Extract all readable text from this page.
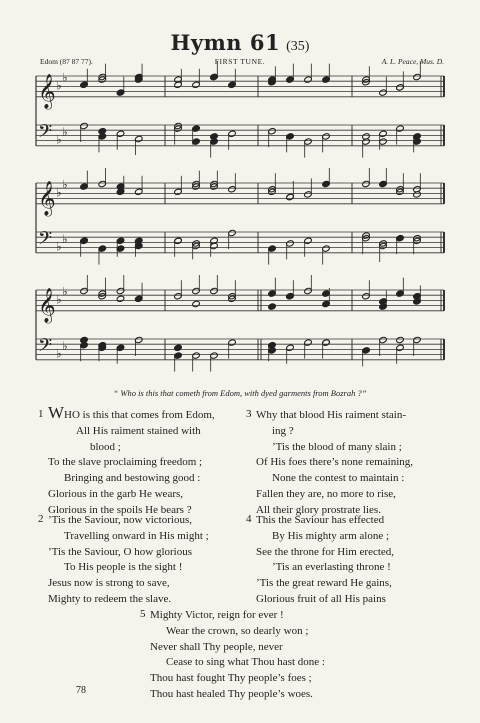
Hymn 61 (35)
Edom (87 87 77).	FIRST TUNE.	A. L. Peace, Mus. D.
𝄞 ♭
♭
𝄢 ♭
♭
𝄞 ♭
♭
𝄢 ♭
♭
𝄞 ♭
♭
𝄢 ♭
♭
“ Who is this that cometh from Edom, with dyed garments from Bozrah ?”
1 WHO is this that comes from Edom,
All His raiment stained with
blood ;
To the slave proclaiming freedom ;
Bringing and bestowing good :
Glorious in the garb He wears,
Glorious in the spoils He bears ?
3 Why that blood His raiment stain-
ing ?
’Tis the blood of many slain ;
Of His foes there’s none remaining,
None the contest to maintain :
Fallen they are, no more to rise,
All their glory prostrate lies.
2 ’Tis the Saviour, now victorious,
Travelling onward in His might ;
’Tis the Saviour, O how glorious
To His people is the sight !
Jesus now is strong to save,
Mighty to redeem the slave.
4 This the Saviour has effected
By His mighty arm alone ;
See the throne for Him erected,
’Tis an everlasting throne !
’Tis the great reward He gains,
Glorious fruit of all His pains
5 Mighty Victor, reign for ever !
Wear the crown, so dearly won ;
Never shall Thy people, never
Cease to sing what Thou hast done :
Thou hast fought Thy people’s foes ;
Thou hast healed Thy people’s woes.
78
